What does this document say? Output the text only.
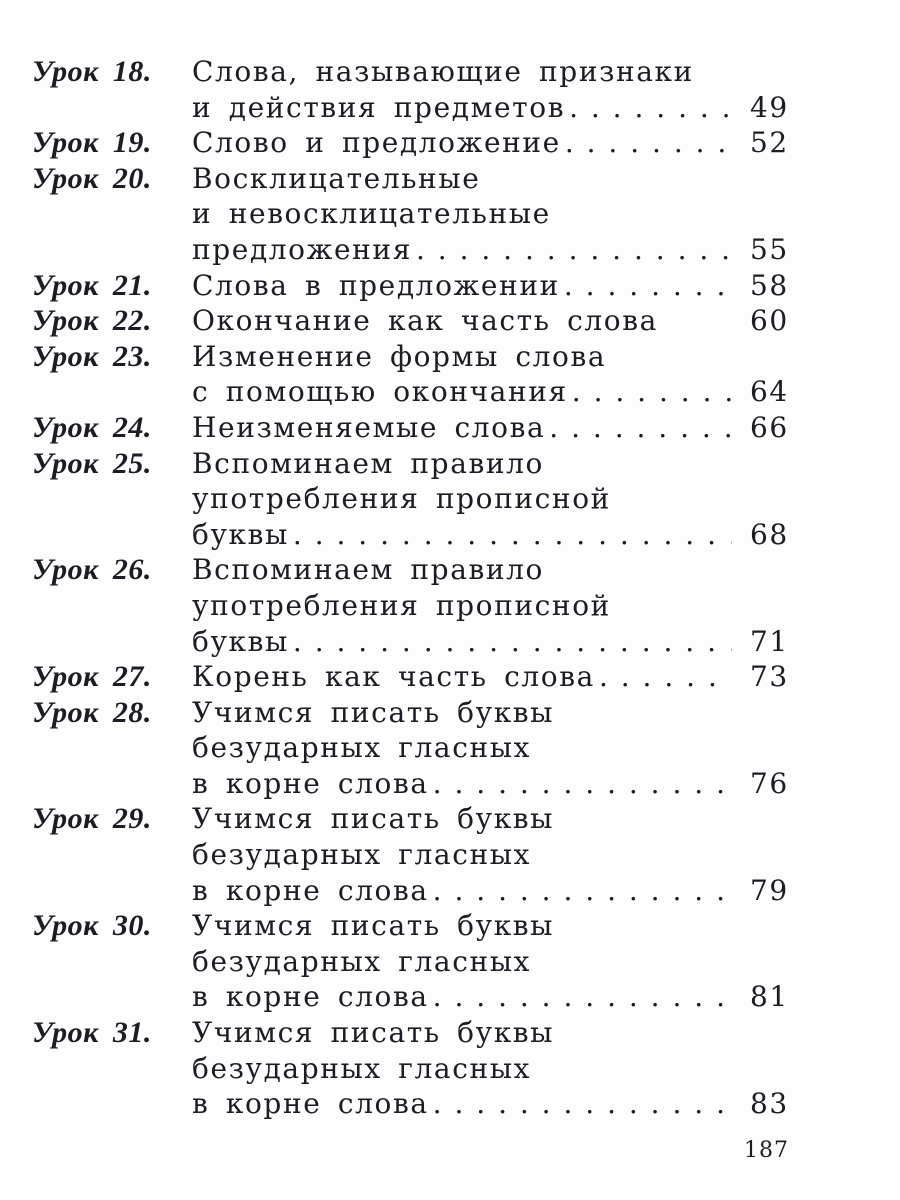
Урок 18.	Слова, называющие признаки
и действия предметов . . .	49
Урок 19.	Слово и предложение . . .	52
Урок 20.	Восклицательные
и невосклицательные
предложения . . .	55
Урок 21.	Слова в предложении . . .	58
Урок 22.	Окончание как часть слова	60
Урок 23.	Изменение формы слова
с помощью окончания . . .	64
Урок 24.	Неизменяемые слова . . .	66
Урок 25.	Вспоминаем правило
употребления прописной
буквы . . .	68
Урок 26.	Вспоминаем правило
употребления прописной
буквы . . .	71
Урок 27.	Корень как часть слова . . .	73
Урок 28.	Учимся писать буквы
безударных гласных
в корне слова . . .	76
Урок 29.	Учимся писать буквы
безударных гласных
в корне слова . . .	79
Урок 30.	Учимся писать буквы
безударных гласных
в корне слова . . .	81
Урок 31.	Учимся писать буквы
безударных гласных
в корне слова . . .	83
187
